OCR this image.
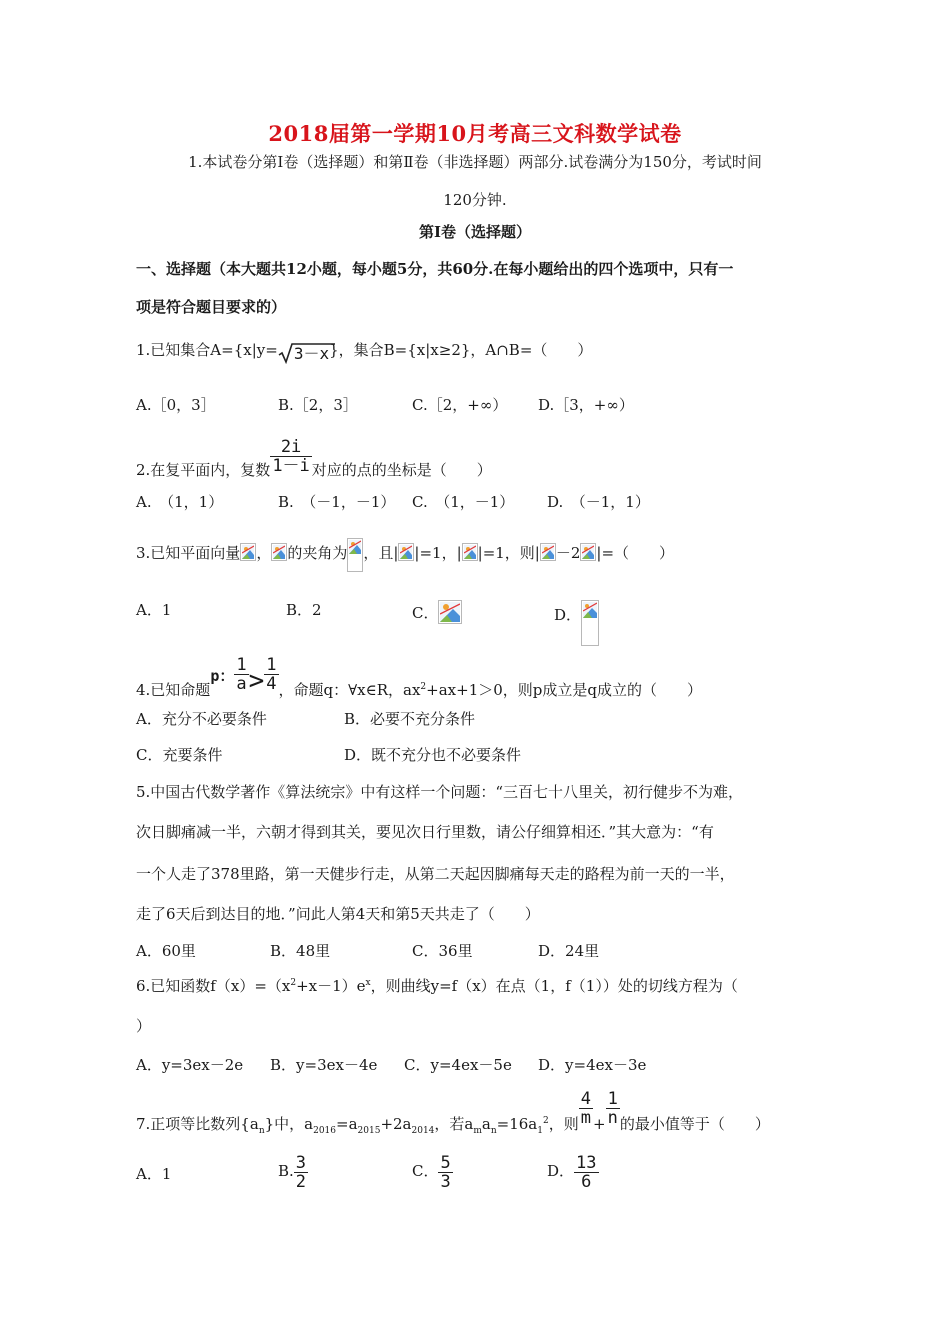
2018届第一学期10月考高三文科数学试卷
1.本试卷分第Ⅰ卷（选择题）和第Ⅱ卷（非选择题）两部分.试卷满分为150分，考试时间
120分钟.
第Ⅰ卷（选择题）
一、选择题（本大题共12小题，每小题5分，共60分.在每小题给出的四个选项中，只有一
项是符合题目要求的）
1.已知集合A={x|y= 3－x}，集合B={x|x≥2}，A∩B=（　　）
A.［0，3］	B.［2，3］	C.［2，+∞） D.［3，+∞）
2.在复平面内，复数 $\frac{2i}{1-i}$ 对应的点的坐标是（　　）
A.　（1，1）	B.　（－1，－1） C.　（1，－1） D.　（－1，1）
3.已知平面向量 ， 的夹角为 ，且| |=1，| |=1，则| －2 |=（　　）
A．1	B．2	C．	D．
4.已知命题p： $\frac{1}{a} > \frac{1}{4}$ ，命题q：∀x∈R，$ax^2+ax+1>0$，则p成立是q成立的（　　）
A．充分不必要条件	B．必要不充分条件
C．充要条件	D．既不充分也不必要条件
5.中国古代数学著作《算法统宗》中有这样一个问题：“三百七十八里关，初行健步不为难，
次日脚痛减一半，六朝才得到其关，要见次日行里数，请公仔细算相还．”其大意为：“有
一个人走了378里路，第一天健步行走，从第二天起因脚痛每天走的路程为前一天的一半，
走了6天后到达目的地．”问此人第4天和第5天共走了（　　）
A．60里	B．48里	C．36里	D．24里
6.已知函数$f(x)=(x^2+x-1)e^x$，则曲线y=f（x）在点（1，f（1））处的切线方程为（
）
A．y=3ex－2e B．y=3ex－4e C．y=4ex－5e D．y=4ex－3e
7.正项等比数列$\{a_n\}$中，$a_{2016}=a_{2015}+2a_{2014}$，若$a_ma_n=16a_1^2$，则 $\frac{4}{m} + \frac{1}{n}$ 的最小值等于（　　）
A．1	B. $\frac{3}{2}$	C． $\frac{5}{3}$	D． $\frac{13}{6}$
